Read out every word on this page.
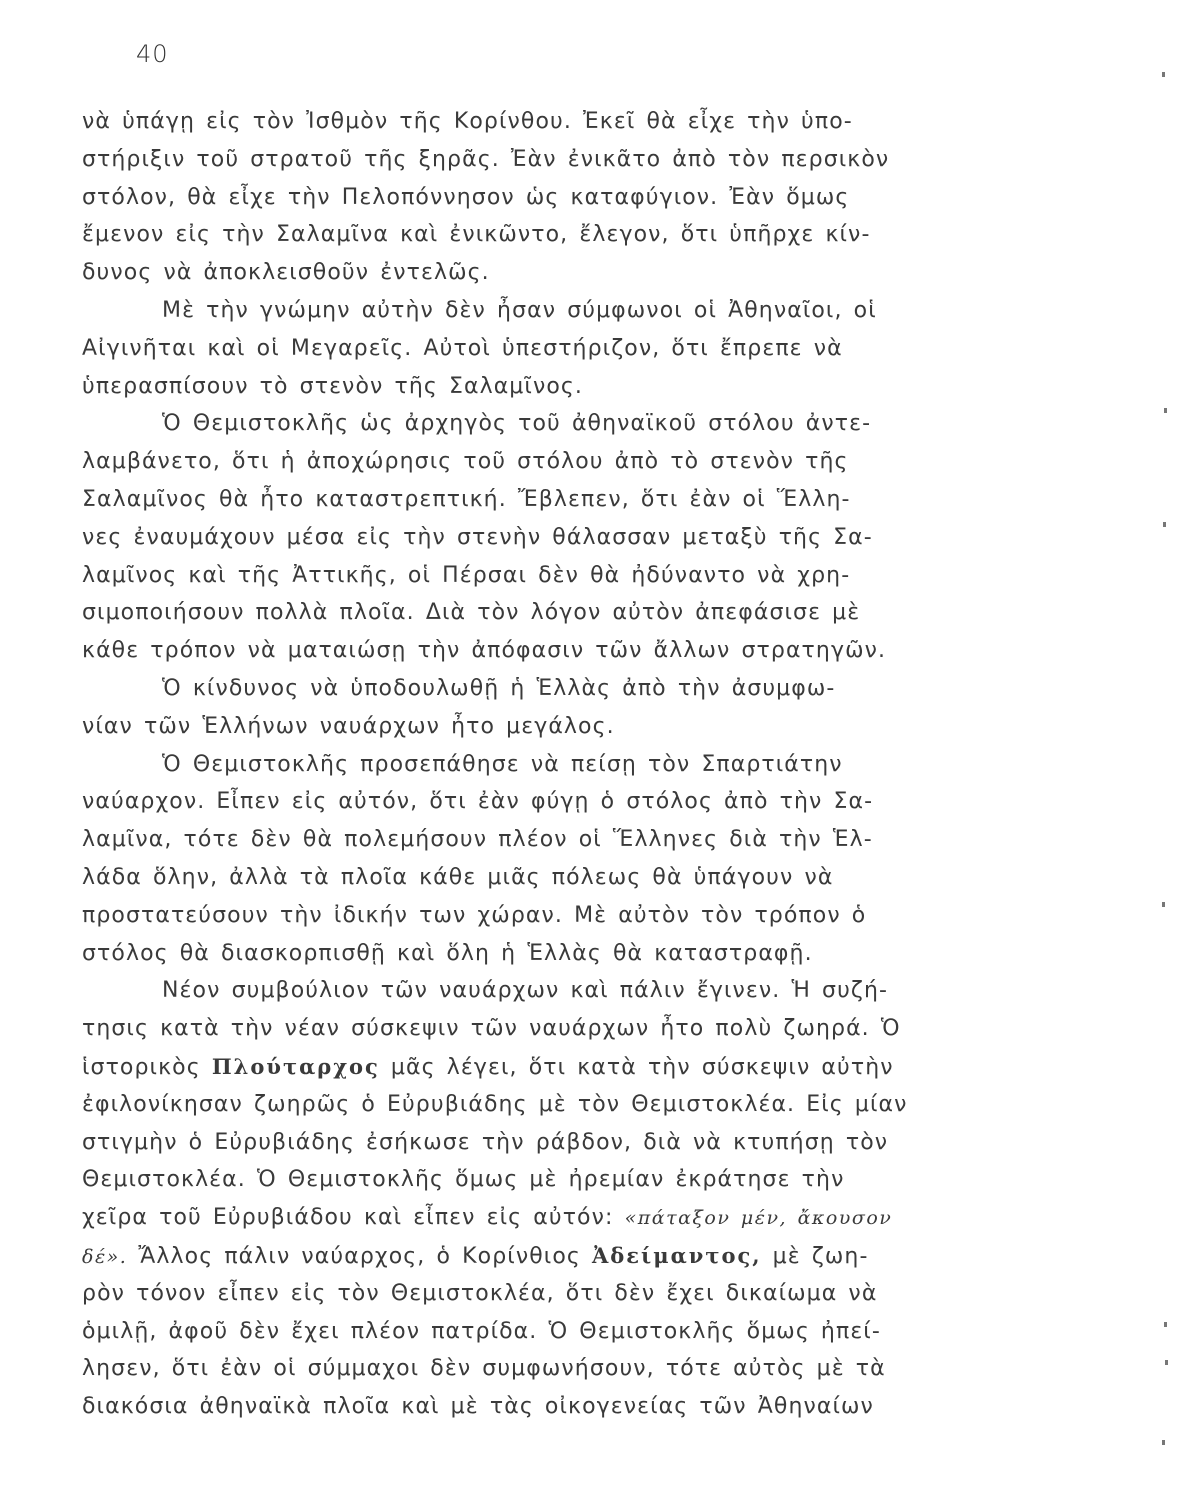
40
νὰ ὑπάγῃ εἰς τὸν Ἰσθμὸν τῆς Κορίνθου. Ἐκεῖ θὰ εἶχε τὴν ὑπο-
στήριξιν τοῦ στρατοῦ τῆς ξηρᾶς. Ἐὰν ἐνικᾶτο ἀπὸ τὸν περσικὸν
στόλον, θὰ εἶχε τὴν Πελοπόννησον ὡς καταφύγιον. Ἐὰν ὅμως
ἔμενον εἰς τὴν Σαλαμῖνα καὶ ἐνικῶντο, ἔλεγον, ὅτι ὑπῆρχε κίν-
δυνος νὰ ἀποκλεισθοῦν ἐντελῶς.
Μὲ τὴν γνώμην αὐτὴν δὲν ἦσαν σύμφωνοι οἱ Ἀθηναῖοι, οἱ
Αἰγινῆται καὶ οἱ Μεγαρεῖς. Αὐτοὶ ὑπεστήριζον, ὅτι ἔπρεπε νὰ
ὑπερασπίσουν τὸ στενὸν τῆς Σαλαμῖνος.
Ὁ Θεμιστοκλῆς ὡς ἀρχηγὸς τοῦ ἀθηναϊκοῦ στόλου ἀντε-
λαμβάνετο, ὅτι ἡ ἀποχώρησις τοῦ στόλου ἀπὸ τὸ στενὸν τῆς
Σαλαμῖνος θὰ ἦτο καταστρεπτική. Ἔβλεπεν, ὅτι ἐὰν οἱ Ἕλλη-
νες ἐναυμάχουν μέσα εἰς τὴν στενὴν θάλασσαν μεταξὺ τῆς Σα-
λαμῖνος καὶ τῆς Ἀττικῆς, οἱ Πέρσαι δὲν θὰ ἠδύναντο νὰ χρη-
σιμοποιήσουν πολλὰ πλοῖα. Διὰ τὸν λόγον αὐτὸν ἀπεφάσισε μὲ
κάθε τρόπον νὰ ματαιώσῃ τὴν ἀπόφασιν τῶν ἄλλων στρατηγῶν.
Ὁ κίνδυνος νὰ ὑποδουλωθῇ ἡ Ἑλλὰς ἀπὸ τὴν ἀσυμφω-
νίαν τῶν Ἑλλήνων ναυάρχων ἦτο μεγάλος.
Ὁ Θεμιστοκλῆς προσεπάθησε νὰ πείσῃ τὸν Σπαρτιάτην
ναύαρχον. Εἶπεν εἰς αὐτόν, ὅτι ἐὰν φύγῃ ὁ στόλος ἀπὸ τὴν Σα-
λαμῖνα, τότε δὲν θὰ πολεμήσουν πλέον οἱ Ἕλληνες διὰ τὴν Ἑλ-
λάδα ὅλην, ἀλλὰ τὰ πλοῖα κάθε μιᾶς πόλεως θὰ ὑπάγουν νὰ
προστατεύσουν τὴν ἰδικήν των χώραν. Μὲ αὐτὸν τὸν τρόπον ὁ
στόλος θὰ διασκορπισθῇ καὶ ὅλη ἡ Ἑλλὰς θὰ καταστραφῇ.
Νέον συμβούλιον τῶν ναυάρχων καὶ πάλιν ἔγινεν. Ἡ συζή-
τησις κατὰ τὴν νέαν σύσκεψιν τῶν ναυάρχων ἦτο πολὺ ζωηρά. Ὁ
ἱστορικὸς Πλούταρχος μᾶς λέγει, ὅτι κατὰ τὴν σύσκεψιν αὐτὴν
ἐφιλονίκησαν ζωηρῶς ὁ Εὐρυβιάδης μὲ τὸν Θεμιστοκλέα. Εἰς μίαν
στιγμὴν ὁ Εὐρυβιάδης ἐσήκωσε τὴν ράβδον, διὰ νὰ κτυπήσῃ τὸν
Θεμιστοκλέα. Ὁ Θεμιστοκλῆς ὅμως μὲ ἠρεμίαν ἐκράτησε τὴν
χεῖρα τοῦ Εὐρυβιάδου καὶ εἶπεν εἰς αὐτόν: «πάταξον μέν, ἄκουσον
δέ». Ἄλλος πάλιν ναύαρχος, ὁ Κορίνθιος Ἀδείμαντος, μὲ ζωη-
ρὸν τόνον εἶπεν εἰς τὸν Θεμιστοκλέα, ὅτι δὲν ἔχει δικαίωμα νὰ
ὁμιλῇ, ἀφοῦ δὲν ἔχει πλέον πατρίδα. Ὁ Θεμιστοκλῆς ὅμως ἠπεί-
λησεν, ὅτι ἐὰν οἱ σύμμαχοι δὲν συμφωνήσουν, τότε αὐτὸς μὲ τὰ
διακόσια ἀθηναϊκὰ πλοῖα καὶ μὲ τὰς οἰκογενείας τῶν Ἀθηναίων
